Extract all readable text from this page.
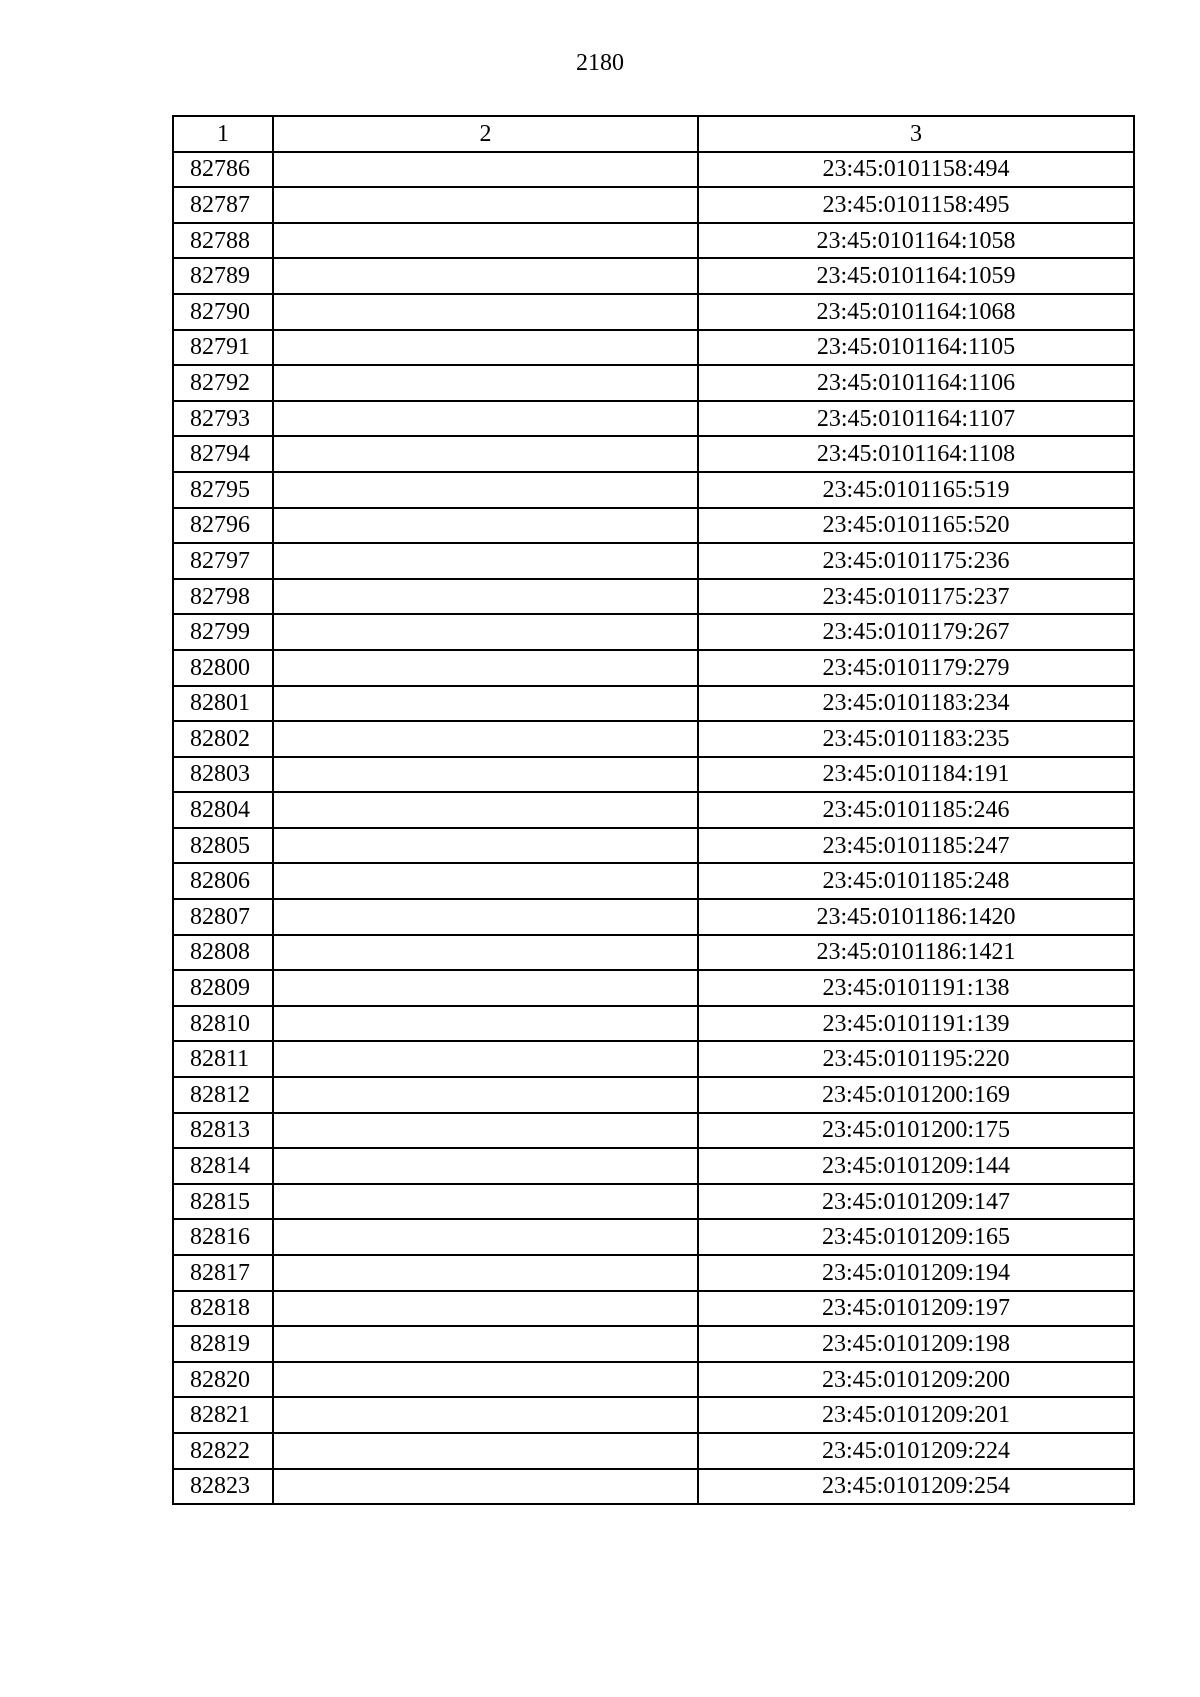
2180
1	2	3
82786		23:45:0101158:494
82787		23:45:0101158:495
82788		23:45:0101164:1058
82789		23:45:0101164:1059
82790		23:45:0101164:1068
82791		23:45:0101164:1105
82792		23:45:0101164:1106
82793		23:45:0101164:1107
82794		23:45:0101164:1108
82795		23:45:0101165:519
82796		23:45:0101165:520
82797		23:45:0101175:236
82798		23:45:0101175:237
82799		23:45:0101179:267
82800		23:45:0101179:279
82801		23:45:0101183:234
82802		23:45:0101183:235
82803		23:45:0101184:191
82804		23:45:0101185:246
82805		23:45:0101185:247
82806		23:45:0101185:248
82807		23:45:0101186:1420
82808		23:45:0101186:1421
82809		23:45:0101191:138
82810		23:45:0101191:139
82811		23:45:0101195:220
82812		23:45:0101200:169
82813		23:45:0101200:175
82814		23:45:0101209:144
82815		23:45:0101209:147
82816		23:45:0101209:165
82817		23:45:0101209:194
82818		23:45:0101209:197
82819		23:45:0101209:198
82820		23:45:0101209:200
82821		23:45:0101209:201
82822		23:45:0101209:224
82823		23:45:0101209:254
